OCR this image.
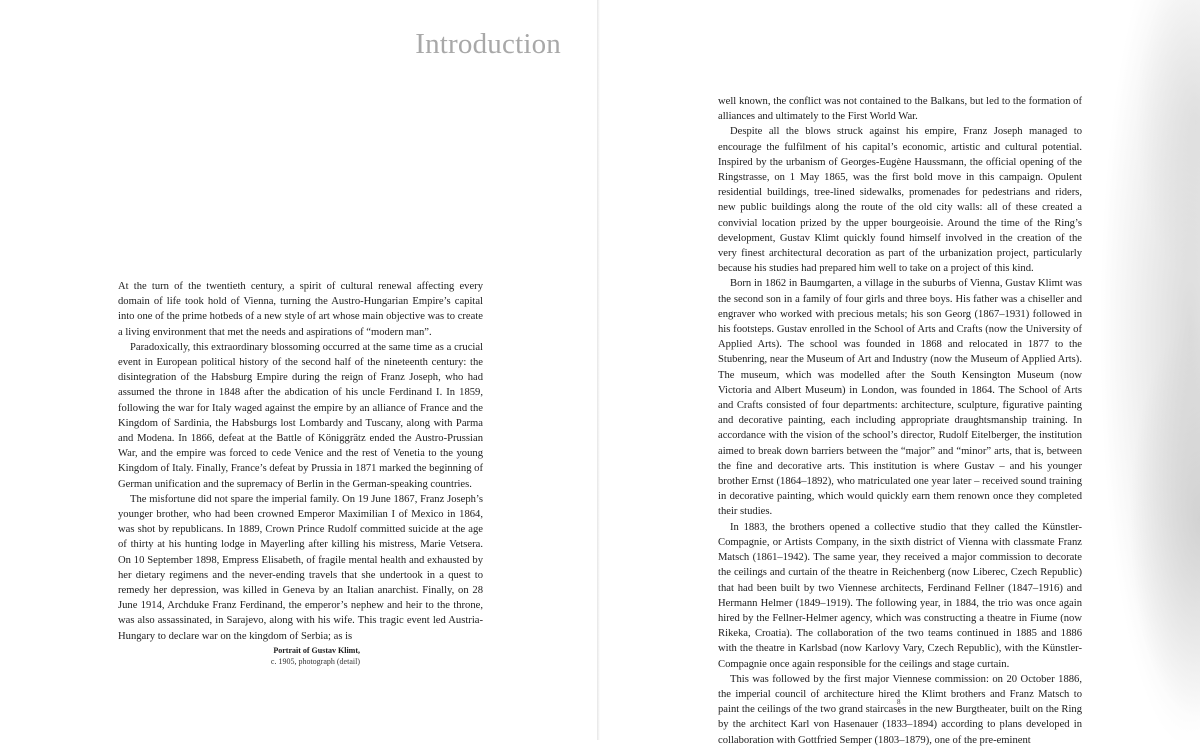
Introduction

At the turn of the twentieth century, a spirit of cultural renewal affecting every domain of life took hold of Vienna, turning the Austro-Hungarian Empire’s capital into one of the prime hotbeds of a new style of art whose main objective was to create a living environment that met the needs and aspirations of “modern man”.

Paradoxically, this extraordinary blossoming occurred at the same time as a crucial event in European political history of the second half of the nineteenth century: the disintegration of the Habsburg Empire during the reign of Franz Joseph, who had assumed the throne in 1848 after the abdication of his uncle Ferdinand I. In 1859, following the war for Italy waged against the empire by an alliance of France and the Kingdom of Sardinia, the Habsburgs lost Lombardy and Tuscany, along with Parma and Modena. In 1866, defeat at the Battle of Königgrätz ended the Austro-Prussian War, and the empire was forced to cede Venice and the rest of Venetia to the young Kingdom of Italy. Finally, France’s defeat by Prussia in 1871 marked the beginning of German unification and the supremacy of Berlin in the German-speaking countries.

The misfortune did not spare the imperial family. On 19 June 1867, Franz Joseph’s younger brother, who had been crowned Emperor Maximilian I of Mexico in 1864, was shot by republicans. In 1889, Crown Prince Rudolf committed suicide at the age of thirty at his hunting lodge in Mayerling after killing his mistress, Marie Vetsera. On 10 September 1898, Empress Elisabeth, of fragile mental health and exhausted by her dietary regimens and the never-ending travels that she undertook in a quest to remedy her depression, was killed in Geneva by an Italian anarchist. Finally, on 28 June 1914, Archduke Franz Ferdinand, the emperor’s nephew and heir to the throne, was also assassinated, in Sarajevo, along with his wife. This tragic event led Austria-Hungary to declare war on the kingdom of Serbia; as is

Portrait of Gustav Klimt,
c. 1905, photograph (detail)

well known, the conflict was not contained to the Balkans, but led to the formation of alliances and ultimately to the First World War.

Despite all the blows struck against his empire, Franz Joseph managed to encourage the fulfilment of his capital’s economic, artistic and cultural potential. Inspired by the urbanism of Georges-Eugène Haussmann, the official opening of the Ringstrasse, on 1 May 1865, was the first bold move in this campaign. Opulent residential buildings, tree-lined sidewalks, promenades for pedestrians and riders, new public buildings along the route of the old city walls: all of these created a convivial location prized by the upper bourgeoisie. Around the time of the Ring’s development, Gustav Klimt quickly found himself involved in the creation of the very finest architectural decoration as part of the urbanization project, particularly because his studies had prepared him well to take on a project of this kind.

Born in 1862 in Baumgarten, a village in the suburbs of Vienna, Gustav Klimt was the second son in a family of four girls and three boys. His father was a chiseller and engraver who worked with precious metals; his son Georg (1867–1931) followed in his footsteps. Gustav enrolled in the School of Arts and Crafts (now the University of Applied Arts). The school was founded in 1868 and relocated in 1877 to the Stubenring, near the Museum of Art and Industry (now the Museum of Applied Arts). The museum, which was modelled after the South Kensington Museum (now Victoria and Albert Museum) in London, was founded in 1864. The School of Arts and Crafts consisted of four departments: architecture, sculpture, figurative painting and decorative painting, each including appropriate draughtsmanship training. In accordance with the vision of the school’s director, Rudolf Eitelberger, the institution aimed to break down barriers between the “major” and “minor” arts, that is, between the fine and decorative arts. This institution is where Gustav – and his younger brother Ernst (1864–1892), who matriculated one year later – received sound training in decorative painting, which would quickly earn them renown once they completed their studies.

In 1883, the brothers opened a collective studio that they called the Künstler-Compagnie, or Artists Company, in the sixth district of Vienna with classmate Franz Matsch (1861–1942). The same year, they received a major commission to decorate the ceilings and curtain of the theatre in Reichenberg (now Liberec, Czech Republic) that had been built by two Viennese architects, Ferdinand Fellner (1847–1916) and Hermann Helmer (1849–1919). The following year, in 1884, the trio was once again hired by the Fellner-Helmer agency, which was constructing a theatre in Fiume (now Rikeka, Croatia). The collaboration of the two teams continued in 1885 and 1886 with the theatre in Karlsbad (now Karlovy Vary, Czech Republic), with the Künstler-Compagnie once again responsible for the ceilings and stage curtain.

This was followed by the first major Viennese commission: on 20 October 1886, the imperial council of architecture hired the Klimt brothers and Franz Matsch to paint the ceilings of the two grand staircases in the new Burgtheater, built on the Ring by the architect Karl von Hasenauer (1833–1894) according to plans developed in collaboration with Gottfried Semper (1803–1879), one of the pre-eminent

8
